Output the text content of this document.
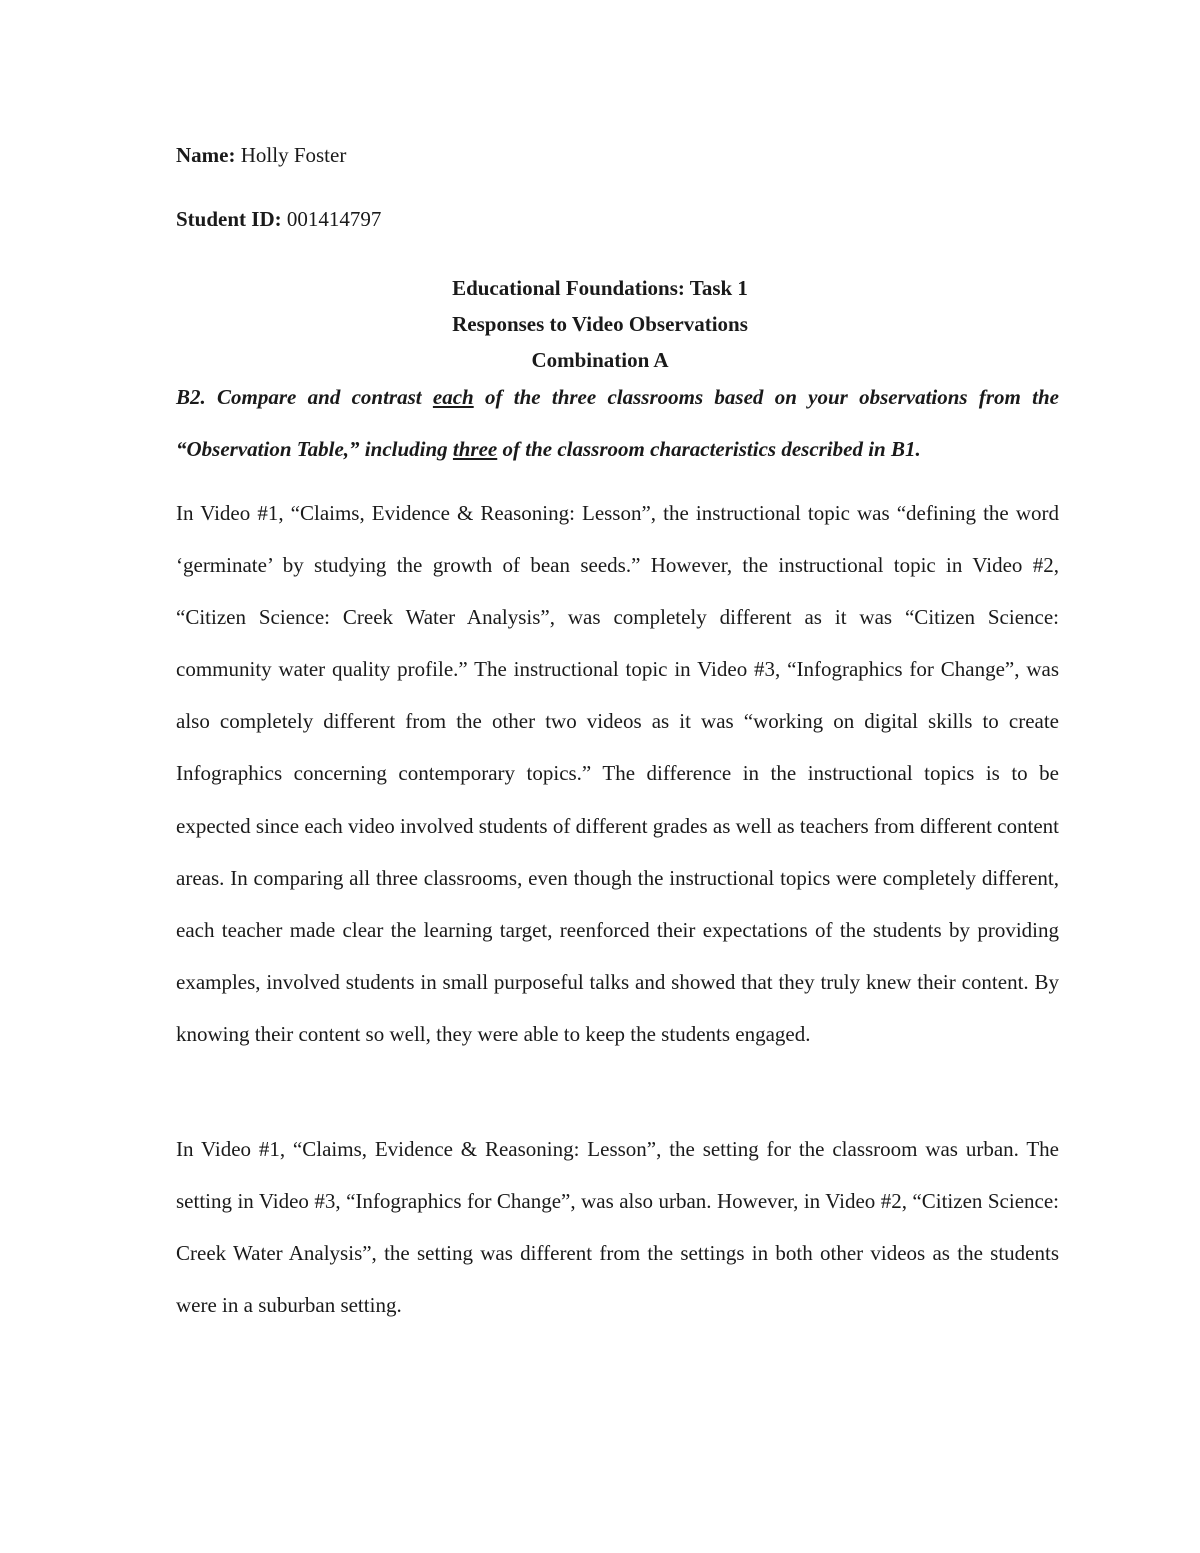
Name: Holly Foster
Student ID: 001414797
Educational Foundations: Task 1
Responses to Video Observations
Combination A
B2. Compare and contrast each of the three classrooms based on your observations from the “Observation Table,” including three of the classroom characteristics described in B1.

In Video #1, “Claims, Evidence & Reasoning: Lesson”, the instructional topic was “defining the word ‘germinate’ by studying the growth of bean seeds.” However, the instructional topic in Video #2, “Citizen Science: Creek Water Analysis”, was completely different as it was “Citizen Science: community water quality profile.” The instructional topic in Video #3, “Infographics for Change”, was also completely different from the other two videos as it was “working on digital skills to create Infographics concerning contemporary topics.” The difference in the instructional topics is to be expected since each video involved students of different grades as well as teachers from different content areas. In comparing all three classrooms, even though the instructional topics were completely different, each teacher made clear the learning target, reenforced their expectations of the students by providing examples, involved students in small purposeful talks and showed that they truly knew their content. By knowing their content so well, they were able to keep the students engaged.

In Video #1, “Claims, Evidence & Reasoning: Lesson”, the setting for the classroom was urban. The setting in Video #3, “Infographics for Change”, was also urban. However, in Video #2, “Citizen Science: Creek Water Analysis”, the setting was different from the settings in both other videos as the students were in a suburban setting.
